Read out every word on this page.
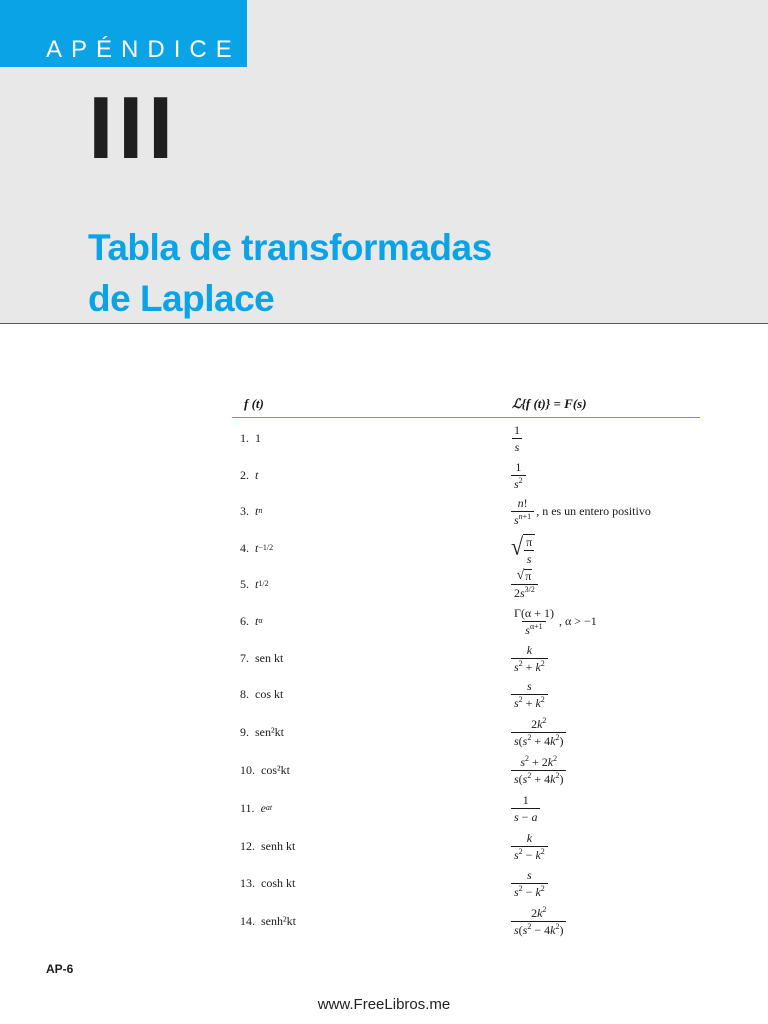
APÉNDICE
III
Tabla de transformadas
de Laplace
f (t)	ℒ{f (t)} = F(s)
1. 1	$\frac{1}{s}$
2. t	$\frac{1}{s^2}$
3. t n	$\frac{n!}{s^{n+1}}$ , n es un entero positivo
4. t −1/2	√ $\frac{\pi}{s}$
5. t 1/2	$\frac{√ \pi}{2s^{3/2}}$
6. t α	$\frac{\Gamma(\alpha + 1)}{s^{\alpha+1}}$ , α > −1
7. sen kt	$\frac{k}{s^2 + k^2}$
8. cos kt	$\frac{s}{s^2 + k^2}$
9. sen²kt	$\frac{2k^2}{s(s^2 + 4k^2)}$
10. cos²kt	$\frac{s^2 + 2k^2}{s(s^2 + 4k^2)}$
11. e at	$\frac{1}{s - a}$
12. senh kt	$\frac{k}{s^2 - k^2}$
13. cosh kt	$\frac{s}{s^2 - k^2}$
14. senh²kt	$\frac{2k^2}{s(s^2 - 4k^2)}$
AP-6
www.FreeLibros.me
